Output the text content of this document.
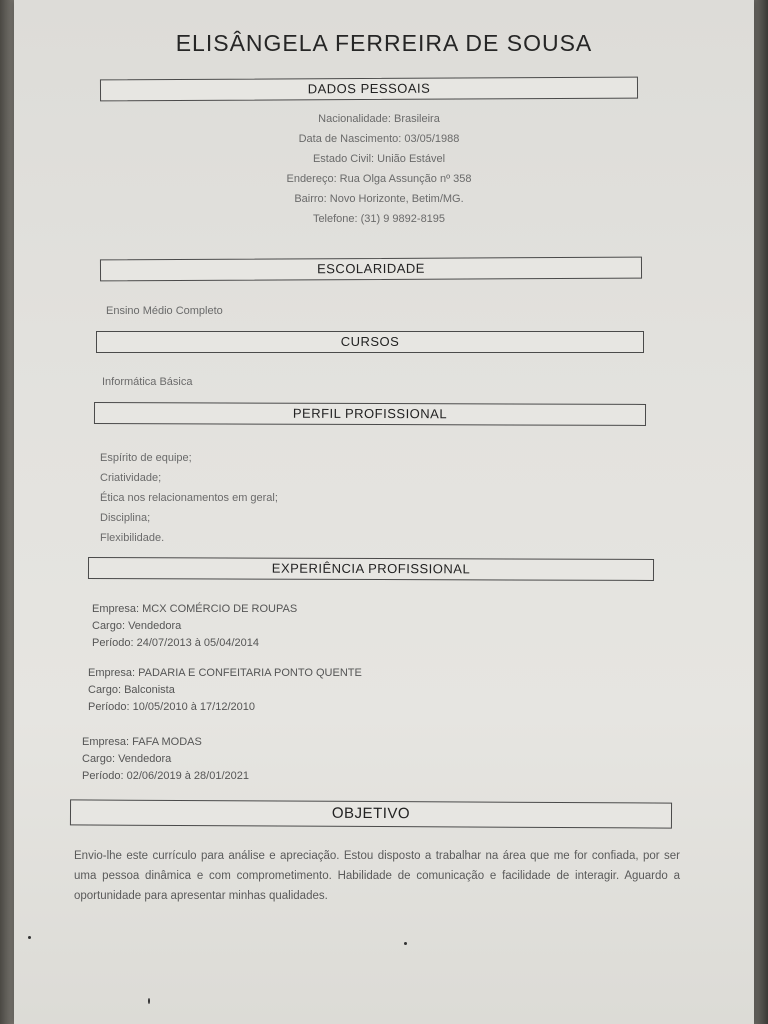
ELISÂNGELA FERREIRA DE SOUSA
DADOS PESSOAIS
Nacionalidade: Brasileira
Data de Nascimento: 03/05/1988
Estado Civil: União Estável
Endereço: Rua Olga Assunção nº 358
Bairro: Novo Horizonte, Betim/MG.
Telefone: (31) 9 9892-8195
ESCOLARIDADE
Ensino Médio Completo
CURSOS
Informática Básica
PERFIL PROFISSIONAL
Espírito de equipe;
Criatividade;
Ética nos relacionamentos em geral;
Disciplina;
Flexibilidade.
EXPERIÊNCIA PROFISSIONAL
Empresa: MCX COMÉRCIO DE ROUPAS
Cargo: Vendedora
Período: 24/07/2013 à 05/04/2014
Empresa: PADARIA E CONFEITARIA PONTO QUENTE
Cargo: Balconista
Período: 10/05/2010 à 17/12/2010
Empresa: FAFA MODAS
Cargo: Vendedora
Período: 02/06/2019 à 28/01/2021
OBJETIVO
Envio-lhe este currículo para análise e apreciação. Estou disposto a trabalhar na área que me for confiada, por ser uma pessoa dinâmica e com comprometimento. Habilidade de comunicação e facilidade de interagir. Aguardo a oportunidade para apresentar minhas qualidades.
